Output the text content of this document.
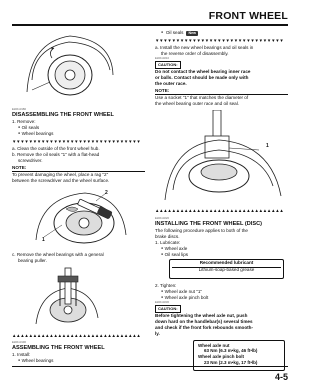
FRONT WHEEL
EWA13180
DISASSEMBLING THE FRONT WHEEL
1. Remove:
● Oil seals
● Wheel bearings
▼▼▼▼▼▼▼▼▼▼▼▼▼▼▼▼▼▼▼▼▼▼▼▼▼▼▼▼▼▼▼
a. Clean the outside of the front wheel hub.
b. Remove the oil seals "1" with a flat-head
screwdriver.
NOTE:
To prevent damaging the wheel, place a rag "2"
between the screwdriver and the wheel surface.
2
1
c. Remove the wheel bearings with a general
bearing puller.
▲▲▲▲▲▲▲▲▲▲▲▲▲▲▲▲▲▲▲▲▲▲▲▲▲▲▲▲▲▲▲
EWA13190
ASSEMBLING THE FRONT WHEEL
1. Install:
● Wheel bearings
● Oil seals New
▼▼▼▼▼▼▼▼▼▼▼▼▼▼▼▼▼▼▼▼▼▼▼▼▼▼▼▼▼▼▼
a. Install the new wheel bearings and oil seals in
the reverse order of disassembly.
EWA13210
CAUTION:
Do not contact the wheel bearing inner race
or balls. Contact should be made only with
the outer race.
NOTE:
Use a socket "1" that matches the diameter of
the wheel bearing outer race and oil seal.
1
▲▲▲▲▲▲▲▲▲▲▲▲▲▲▲▲▲▲▲▲▲▲▲▲▲▲▲▲▲▲▲
EWA13220
INSTALLING THE FRONT WHEEL (DISC)
The following procedure applies to both of the
brake discs.
1. Lubricate:
● Wheel axle
● Oil seal lips
Recommended lubricant
Lithium-soap-based grease
2. Tighten:
● Wheel axle nut "1"
● Wheel axle pinch bolt
EWA13230
CAUTION:
Before tightening the wheel axle nut, push
down hard on the handlebar(s) several times
and check if the front fork rebounds smooth-
ly.
Wheel axle nut
63 Nm (6.3 m•kg, 46 ft•lb)
Wheel axle pinch bolt
23 Nm (2.3 m•kg, 17 ft•lb)
4-5
